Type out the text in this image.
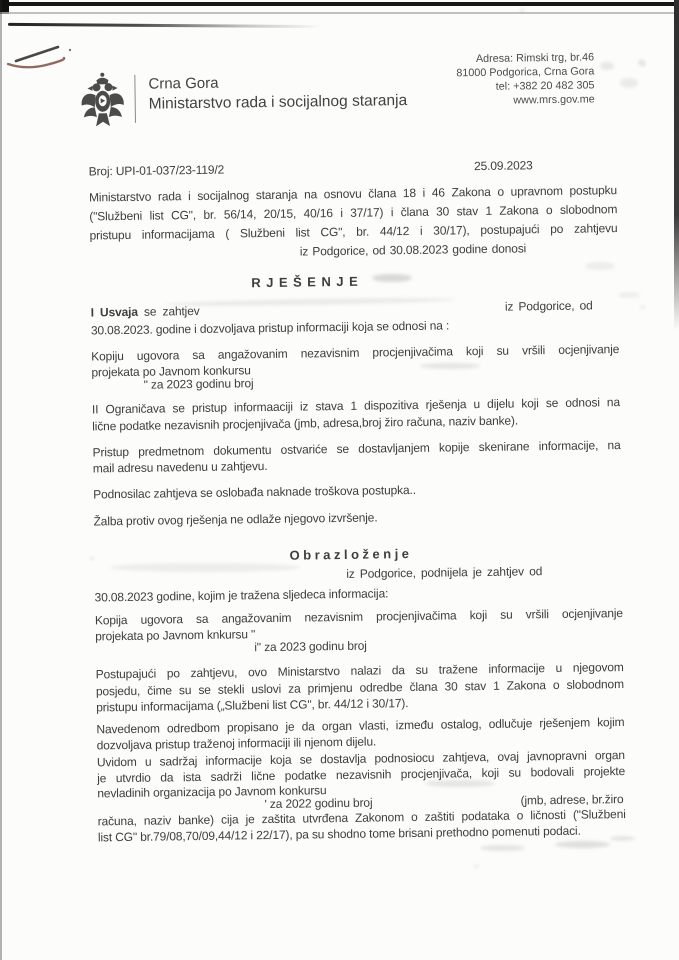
Crna Gora
Ministarstvo rada i socijalnog staranja
Adresa: Rimski trg, br.46
81000 Podgorica, Crna Gora
tel: +382 20 482 305
www.mrs.gov.me
Broj: UPI-01-037/23-119/2	25.09.2023
Ministarstvo rada i socijalnog staranja na osnovu člana 18 i 46 Zakona o upravnom postupku
("Službeni list CG", br. 56/14, 20/15, 40/16 i 37/17) i člana 30 stav 1 Zakona o slobodnom
pristupu informacijama ( Službeni list CG", br. 44/12 i 30/17), postupajući po zahtjevu
iz Podgorice, od 30.08.2023 godine donosi
RJEŠENJE
I Usvaja se zahtjev	iz Podgorice, od
30.08.2023. godine i dozvoljava pristup informaciji koja se odnosi na :
Kopiju ugovora sa angažovanim nezavisnim procjenjivačima koji su vršili ocjenjivanje
projekata po Javnom konkursu
" za 2023 godinu broj
II Ograničava se pristup informaaciji iz stava 1 dispozitiva rješenja u dijelu koji se odnosi na
lične podatke nezavisnih procjenjivača (jmb, adresa,broj žiro računa, naziv banke).
Pristup predmetnom dokumentu ostvariće se dostavljanjem kopije skenirane informacije, na
mail adresu navedenu u zahtjevu.
Podnosilac zahtjeva se oslobađa naknade troškova postupka..
Žalba protiv ovog rješenja ne odlaže njegovo izvršenje.
Obrazloženje
iz Podgorice, podnijela je zahtjev od
30.08.2023 godine, kojim je tražena sljedeca informacija:
Kopija ugovora sa angažovanim nezavisnim procjenjivačima koji su vršili ocjenjivanje
projekata po Javnom knkursu "
i" za 2023 godinu broj
Postupajući po zahtjevu, ovo Ministarstvo nalazi da su tražene informacije u njegovom
posjedu, čime su se stekli uslovi za primjenu odredbe člana 30 stav 1 Zakona o slobodnom
pristupu informacijama („Službeni list CG", br. 44/12 i 30/17).
Navedenom odredbom propisano je da organ vlasti, između ostalog, odlučuje rješenjem kojim
dozvoljava pristup traženoj informaciji ili njenom dijelu.
Uvidom u sadržaj informacije koja se dostavlja podnosiocu zahtjeva, ovaj javnopravni organ
je utvrdio da ista sadrži lične podatke nezavisnih procjenjivača, koji su bodovali projekte
nevladinih organizacija po Javnom konkursu
' za 2022 godinu broj	(jmb, adrese, br.žiro
računa, naziv banke) cija je zaštita utvrđena Zakonom o zaštiti podataka o ličnosti ("Službeni
list CG" br.79/08,70/09,44/12 i 22/17), pa su shodno tome brisani prethodno pomenuti podaci.
